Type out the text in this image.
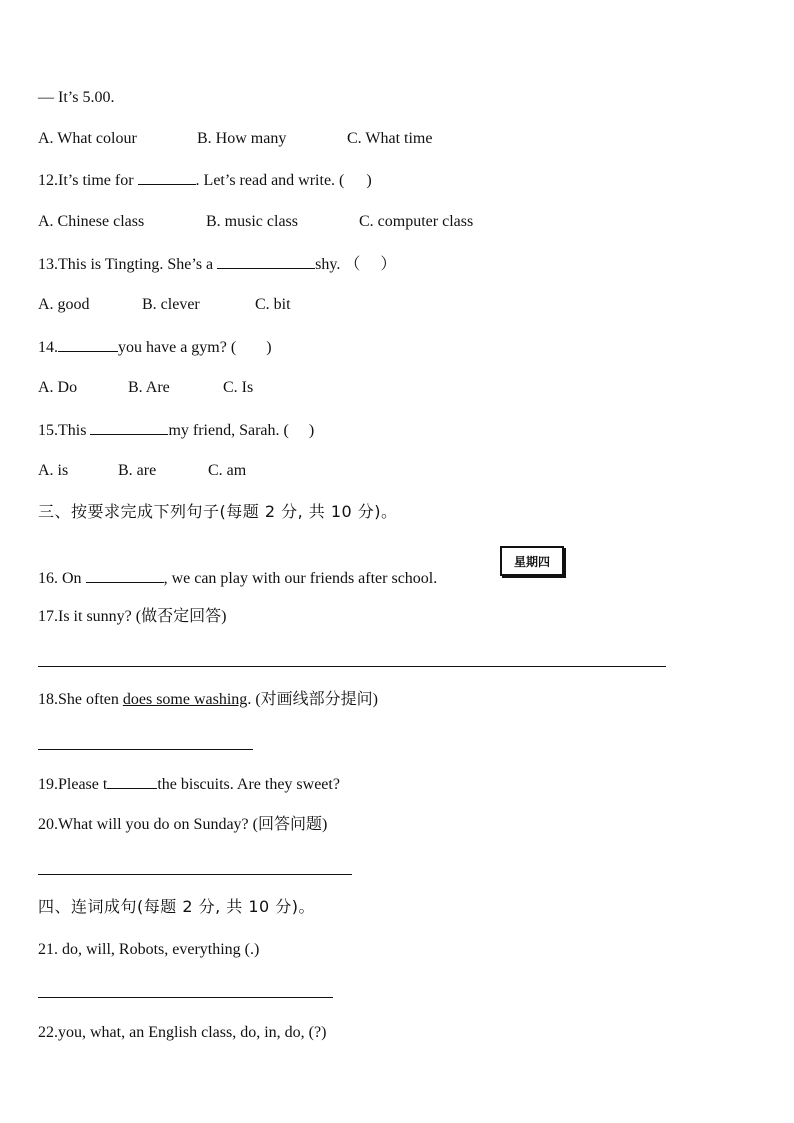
— It’s 5.00.
A. What colour	B. How many	C. What time
12.It’s time for	. Let’s read and write. ( )
A. Chinese class	B. music class	C. computer class
13.This is Tingting. She’s a	shy. （ ）
A. good	B. clever	C. bit
14.	you have a gym? ( )
A. Do	B. Are	C. Is
15.This	my friend, Sarah. ( )
A. is	B. are	C. am
三、按要求完成下列句子(每题 2 分, 共 10 分)。
16. On	, we can play with our friends after school.
星期四
17.Is it sunny? (做否定回答)
18.She often does some washing. (对画线部分提问)
19.Please t	the biscuits. Are they sweet?
20.What will you do on Sunday? (回答问题)
四、连词成句(每题 2 分, 共 10 分)。
21. do, will, Robots, everything (.)
22.you, what, an English class, do, in, do, (?)
